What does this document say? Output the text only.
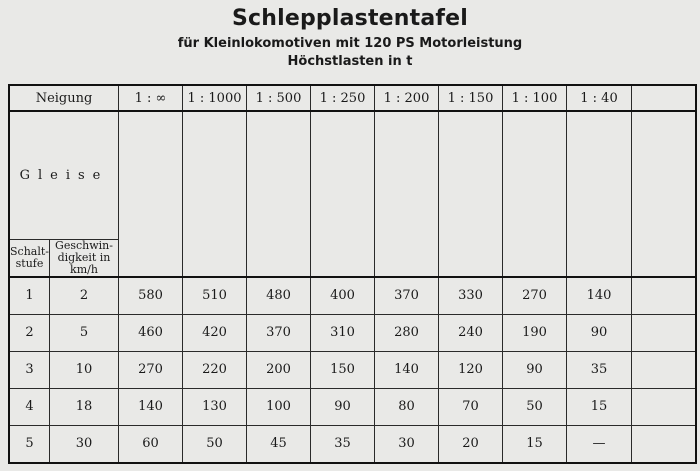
Schlepplastentafel
für Kleinlokomotiven mit 120 PS Motorleistung
Höchstlasten in t
Neigung		1 : ∞	1 : 1000	1 : 500	1 : 250	1 : 200	1 : 150	1 : 100	1 : 40	
Gleise										
Schalt-stufe	Geschwin-digkeit in km/h									
1	2	580	510	480	400	370	330	270	140	
2	5	460	420	370	310	280	240	190	90	
3	10	270	220	200	150	140	120	90	35	
4	18	140	130	100	90	80	70	50	15	
5	30	60	50	45	35	30	20	15	—	
